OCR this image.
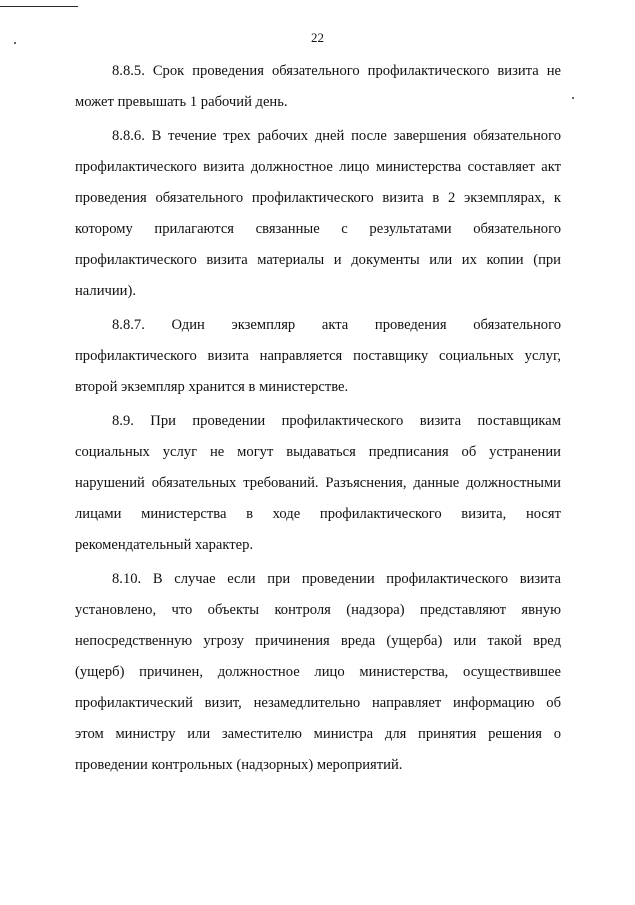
22
8.8.5. Срок проведения обязательного профилактического визита не
может превышать 1 рабочий день.
8.8.6. В течение трех рабочих дней после завершения обязательного
профилактического визита должностное лицо министерства составляет акт
проведения обязательного профилактического визита в 2 экземплярах, к
которому прилагаются связанные с результатами обязательного
профилактического визита материалы и документы или их копии (при
наличии).
8.8.7. Один экземпляр акта проведения обязательного
профилактического визита направляется поставщику социальных услуг,
второй экземпляр хранится в министерстве.
8.9. При проведении профилактического визита поставщикам
социальных услуг не могут выдаваться предписания об устранении
нарушений обязательных требований. Разъяснения, данные должностными
лицами министерства в ходе профилактического визита, носят
рекомендательный характер.
8.10. В случае если при проведении профилактического визита
установлено, что объекты контроля (надзора) представляют явную
непосредственную угрозу причинения вреда (ущерба) или такой вред
(ущерб) причинен, должностное лицо министерства, осуществившее
профилактический визит, незамедлительно направляет информацию об
этом министру или заместителю министра для принятия решения о
проведении контрольных (надзорных) мероприятий.
